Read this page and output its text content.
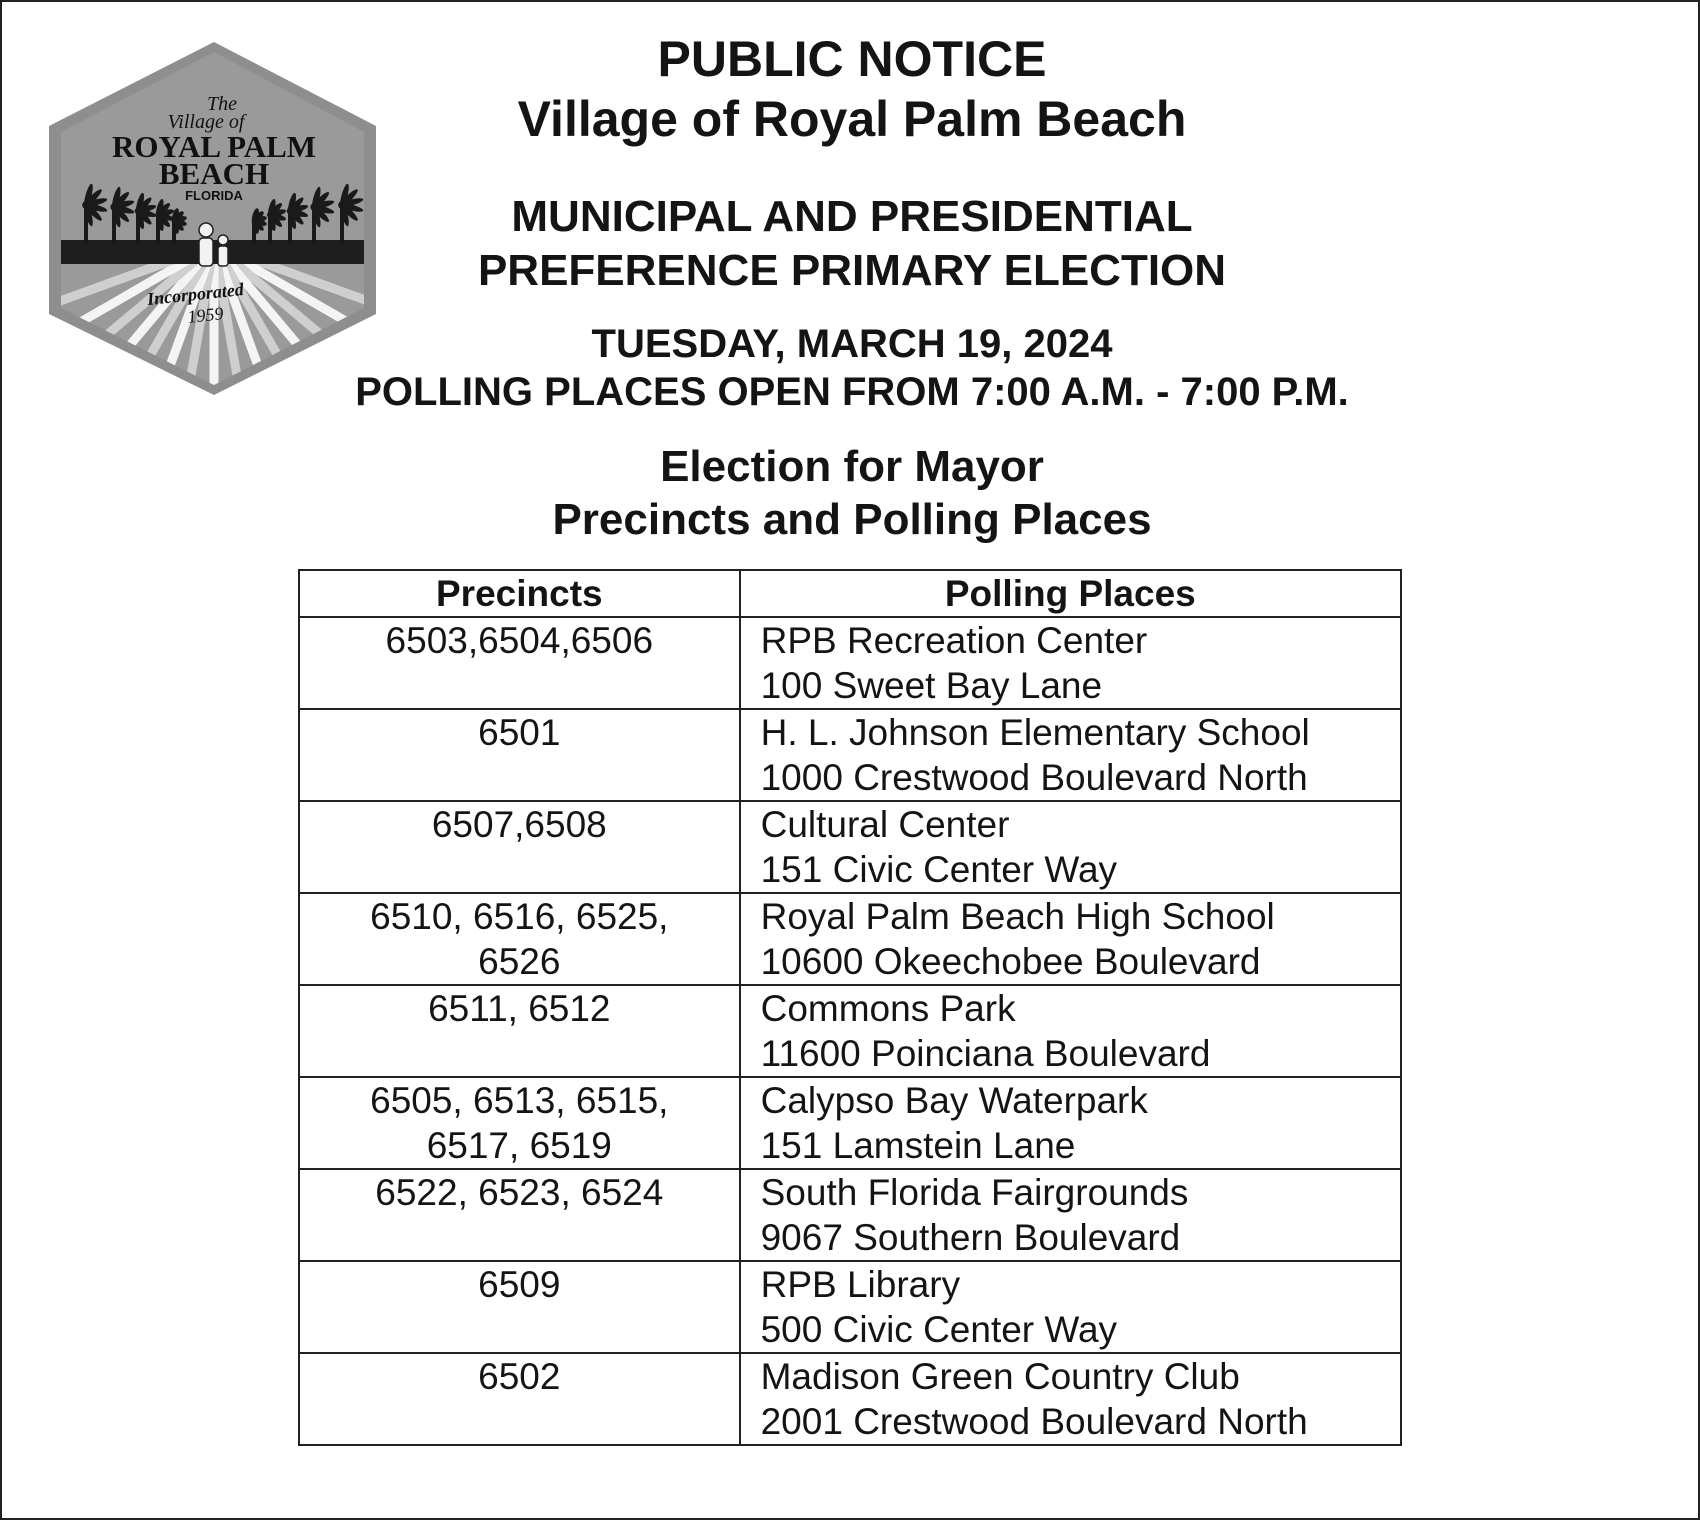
The
Village of
ROYAL PALM
BEACH
FLORIDA
Incorporated
1959
PUBLIC NOTICE
Village of Royal Palm Beach
MUNICIPAL AND PRESIDENTIAL
PREFERENCE PRIMARY ELECTION
TUESDAY, MARCH 19, 2024
POLLING PLACES OPEN FROM 7:00 A.M. - 7:00 P.M.
Election for Mayor
Precincts and Polling Places
Precincts	Polling Places

6503,6504,6506	RPB Recreation Center
100 Sweet Bay Lane

6501	H. L. Johnson Elementary School
1000 Crestwood Boulevard North

6507,6508	Cultural Center
151 Civic Center Way

6510, 6516, 6525,
6526	Royal Palm Beach High School
10600 Okeechobee Boulevard

6511, 6512	Commons Park
11600 Poinciana Boulevard

6505, 6513, 6515,
6517, 6519	Calypso Bay Waterpark
151 Lamstein Lane

6522, 6523, 6524	South Florida Fairgrounds
9067 Southern Boulevard

6509	RPB Library
500 Civic Center Way

6502	Madison Green Country Club
2001 Crestwood Boulevard North
